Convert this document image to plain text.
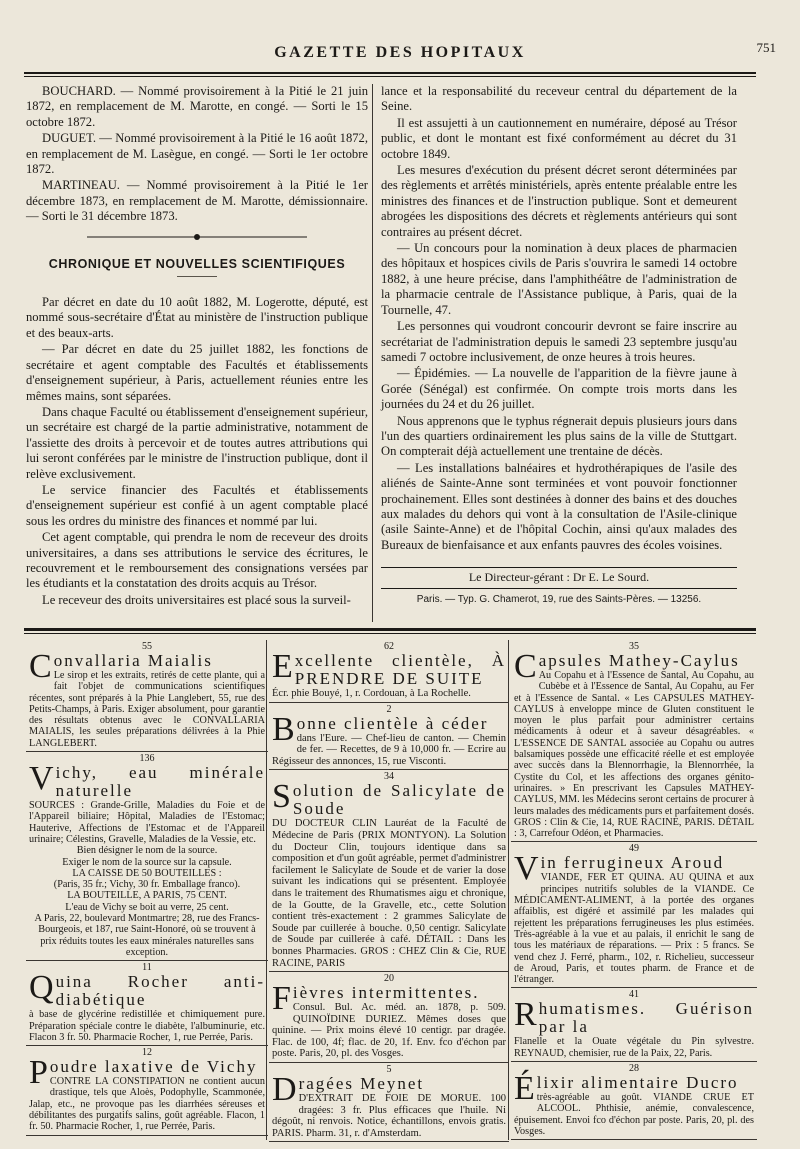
GAZETTE DES HOPITAUX	751

BOUCHARD. — Nommé provisoirement à la Pitié le 21 juin 1872, en remplacement de M. Marotte, en congé. — Sorti le 15 octobre 1872.

DUGUET. — Nommé provisoirement à la Pitié le 16 août 1872, en remplacement de M. Lasègue, en congé. — Sorti le 1er octobre 1872.

MARTINEAU. — Nommé provisoirement à la Pitié le 1er décembre 1873, en remplacement de M. Marotte, démissionnaire. — Sorti le 31 décembre 1873.

CHRONIQUE ET NOUVELLES SCIENTIFIQUES

Par décret en date du 10 août 1882, M. Logerotte, député, est nommé sous-secrétaire d'État au ministère de l'instruction publique et des beaux-arts.

— Par décret en date du 25 juillet 1882, les fonctions de secrétaire et agent comptable des Facultés et établissements d'enseignement supérieur, à Paris, actuellement réunies entre les mêmes mains, sont séparées.

Dans chaque Faculté ou établissement d'enseignement supérieur, un secrétaire est chargé de la partie administrative, notamment de l'assiette des droits à percevoir et de toutes autres attributions qui lui seront conférées par le ministre de l'instruction publique, dont il relève exclusivement.

Le service financier des Facultés et établissements d'enseignement supérieur est confié à un agent comptable placé sous les ordres du ministre des finances et nommé par lui.

Cet agent comptable, qui prendra le nom de receveur des droits universitaires, a dans ses attributions le service des écritures, le recouvrement et le remboursement des consignations versées par les étudiants et la constatation des droits acquis au Trésor.

Le receveur des droits universitaires est placé sous la surveil-

lance et la responsabilité du receveur central du département de la Seine.

Il est assujetti à un cautionnement en numéraire, déposé au Trésor public, et dont le montant est fixé conformément au décret du 31 octobre 1849.

Les mesures d'exécution du présent décret seront déterminées par des règlements et arrêtés ministériels, après entente préalable entre les ministres des finances et de l'instruction publique. Sont et demeurent abrogées les dispositions des décrets et règlements antérieurs qui sont contraires au présent décret.

— Un concours pour la nomination à deux places de pharmacien des hôpitaux et hospices civils de Paris s'ouvrira le samedi 14 octobre 1882, à une heure précise, dans l'amphithéâtre de l'administration de la pharmacie centrale de l'Assistance publique, à Paris, quai de la Tournelle, 47.

Les personnes qui voudront concourir devront se faire inscrire au secrétariat de l'administration depuis le samedi 23 septembre jusqu'au samedi 7 octobre inclusivement, de onze heures à trois heures.

— Épidémies. — La nouvelle de l'apparition de la fièvre jaune à Gorée (Sénégal) est confirmée. On compte trois morts dans les journées du 24 et du 26 juillet.

Nous apprenons que le typhus régnerait depuis plusieurs jours dans l'un des quartiers ordinairement les plus sains de la ville de Stuttgart. On compterait déjà actuellement une trentaine de décès.

— Les installations balnéaires et hydrothérapiques de l'asile des aliénés de Sainte-Anne sont terminées et vont pouvoir fonctionner prochainement. Elles sont destinées à donner des bains et des douches aux malades du dehors qui vont à la consultation de l'Asile-clinique (asile Sainte-Anne) et de l'hôpital Cochin, ainsi qu'aux malades des Bureaux de bienfaisance et aux enfants pauvres des écoles voisines.

Le Directeur-gérant : Dr E. Le Sourd.
Paris. — Typ. G. Chamerot, 19, rue des Saints-Pères. — 13256.
55
C onvallaria Maialis
Le sirop et les extraits, retirés de cette plante, qui a fait l'objet de communications scientifiques récentes, sont préparés à la Phie Langlebert, 55, rue des Petits-Champs, à Paris. Exiger absolument, pour garantie des résultats obtenus avec le CONVALLARIA MAIALIS, les seules préparations délivrées à la Phie LANGLEBERT.
136
V ichy, eau minérale naturelle
SOURCES : Grande-Grille, Maladies du Foie et de l'Appareil biliaire; Hôpital, Maladies de l'Estomac; Hauterive, Affections de l'Estomac et de l'Appareil urinaire; Célestins, Gravelle, Maladies de la Vessie, etc.
Bien désigner le nom de la source.
Exiger le nom de la source sur la capsule.
LA CAISSE DE 50 BOUTEILLES :
(Paris, 35 fr.; Vichy, 30 fr. Emballage franco).
LA BOUTEILLE, A PARIS, 75 CENT.
L'eau de Vichy se boit au verre, 25 cent.
A Paris, 22, boulevard Montmartre; 28, rue des Francs-Bourgeois, et 187, rue Saint-Honoré, où se trouvent à prix réduits toutes les eaux minérales naturelles sans exception.
11
Q uina Rocher anti-diabétique
à base de glycérine redistillée et chimiquement pure. Préparation spéciale contre le diabète, l'albuminurie, etc. Flacon 3 fr. 50. Pharmacie Rocher, 1, rue Perrée, Paris.
12
P oudre laxative de Vichy
CONTRE LA CONSTIPATION ne contient aucun drastique, tels que Aloès, Podophylle, Scammonée, Jalap, etc., ne provoque pas les diarrhées séreuses et débilitantes des purgatifs salins, goût agréable. Flacon, 1 fr. 50. Pharmacie Rocher, 1, rue Perrée, Paris.
62
E xcellente clientèle, À PRENDRE DE SUITE
Écr. phie Bouyé, 1, r. Cordouan, à La Rochelle.
2
B onne clientèle à céder
dans l'Eure. — Chef-lieu de canton. — Chemin de fer. — Recettes, de 9 à 10,000 fr. — Ecrire au Régisseur des annonces, 15, rue Visconti.
34
S olution de Salicylate de Soude
DU DOCTEUR CLIN Lauréat de la Faculté de Médecine de Paris (PRIX MONTYON). La Solution du Docteur Clin, toujours identique dans sa composition et d'un goût agréable, permet d'administrer facilement le Salicylate de Soude et de varier la dose suivant les indications qui se présentent. Employée dans le traitement des Rhumatismes aigu et chronique, de la Goutte, de la Gravelle, etc., cette Solution contient très-exactement : 2 grammes Salicylate de Soude par cuillerée à bouche. 0,50 centigr. Salicylate de Soude par cuillerée à café. DÉTAIL : Dans les bonnes Pharmacies. GROS : CHEZ Clin & Cie, RUE RACINE, PARIS
20
F ièvres intermittentes.
Consul. Bul. Ac. méd. an. 1878, p. 509. QUINOÏDINE DURIEZ. Mêmes doses que quinine. — Prix moins élevé 10 centigr. par dragée. Flac. de 100, 4f; flac. de 20, 1f. Env. fco d'échon par poste. Paris, 20, pl. des Vosges.
5
D ragées Meynet
D'EXTRAIT DE FOIE DE MORUE. 100 dragées: 3 fr. Plus efficaces que l'huile. Ni dégoût, ni renvois. Notice, échantillons, envois gratis. PARIS. Pharm. 31, r. d'Amsterdam.
35
C apsules Mathey-Caylus
Au Copahu et à l'Essence de Santal, Au Copahu, au Cubèbe et à l'Essence de Santal, Au Copahu, au Fer et à l'Essence de Santal. « Les CAPSULES MATHEY-CAYLUS à enveloppe mince de Gluten constituent le moyen le plus parfait pour administrer certains médicaments à odeur et à saveur désagréables. « L'ESSENCE DE SANTAL associée au Copahu ou autres balsamiques possède une efficacité réelle et est employée avec succès dans la Blennorrhagie, la Blennorrhée, la Cystite du Col, et les affections des organes génito-urinaires. » En prescrivant les Capsules MATHEY-CAYLUS, MM. les Médecins seront certains de procurer à leurs malades des médicaments purs et parfaitement dosés. GROS : Clin & Cie, 14, RUE RACINE, PARIS. DÉTAIL : 3, Carrefour Odéon, et Pharmacies.
49
V in ferrugineux Aroud
VIANDE, FER ET QUINA. AU QUINA et aux principes nutritifs solubles de la VIANDE. Ce MÉDICAMENT-ALIMENT, à la portée des organes affaiblis, est digéré et assimilé par les malades qui rejettent les préparations ferrugineuses les plus estimées. Très-agréable à la vue et au palais, il enrichit le sang de tous les matériaux de réparations. — Prix : 5 francs. Se vend chez J. Ferré, pharm., 102, r. Richelieu, successeur de Aroud, Paris, et toutes pharm. de France et de l'étranger.
41
R humatismes. Guérison par la
Flanelle et la Ouate végétale du Pin sylvestre. REYNAUD, chemisier, rue de la Paix, 22, Paris.
28
É lixir alimentaire Ducro
très-agréable au goût. VIANDE CRUE ET ALCOOL. Phthisie, anémie, convalescence, épuisement. Envoi fco d'échon par poste. Paris, 20, pl. des Vosges.
